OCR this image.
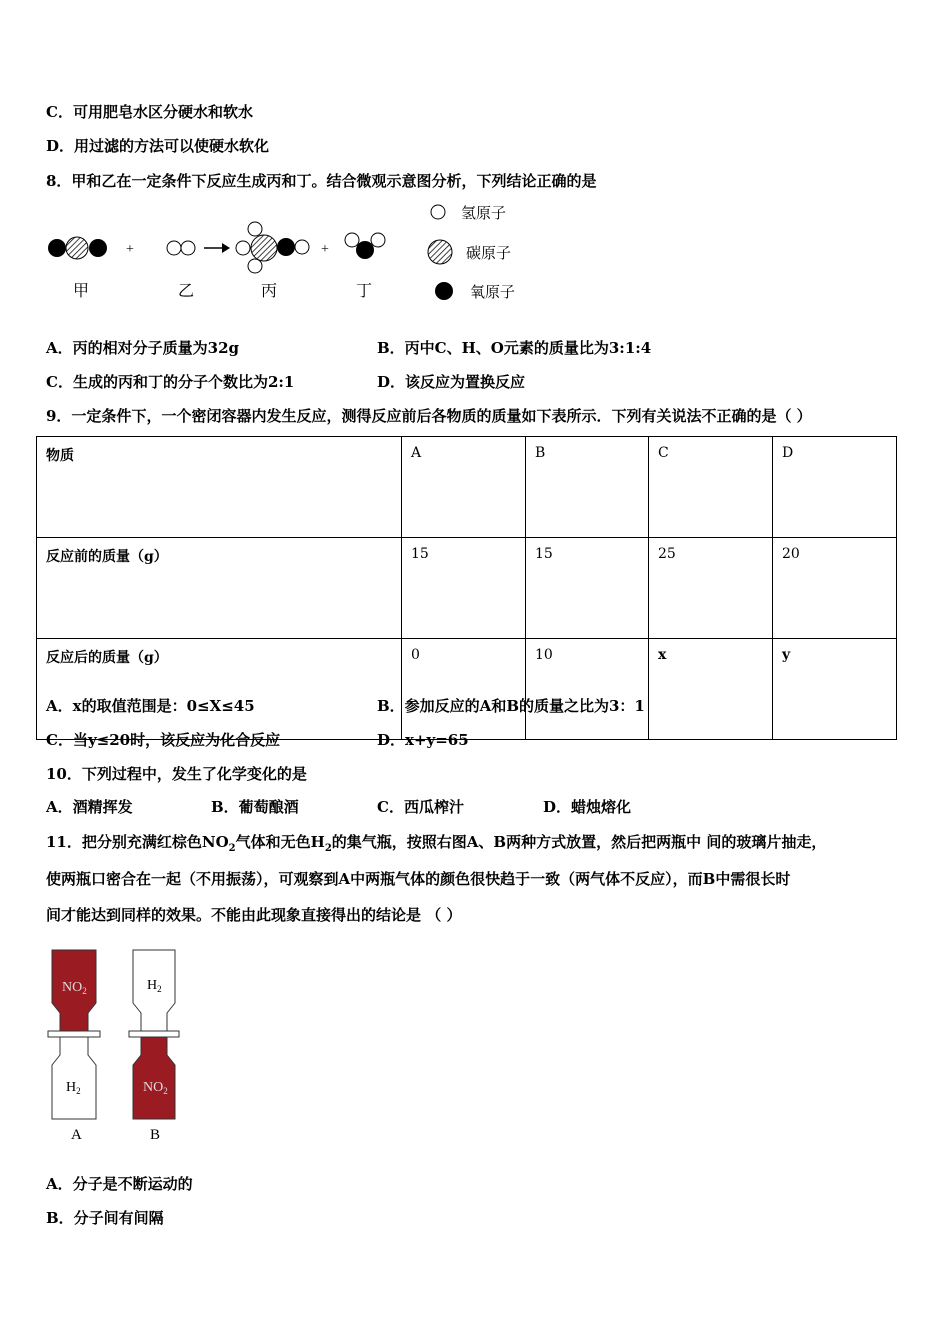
C．可用肥皂水区分硬水和软水
D．用过滤的方法可以使硬水软化
8．甲和乙在一定条件下反应生成丙和丁。结合微观示意图分析，下列结论正确的是
+	+
甲	乙	丙	丁
氢原子
碳原子
氧原子
A．丙的相对分子质量为32g	B．丙中C、H、O元素的质量比为3:1:4
C．生成的丙和丁的分子个数比为2:1	D．该反应为置换反应
9．一定条件下，一个密闭容器内发生反应，测得反应前后各物质的质量如下表所示．下列有关说法不正确的是（ ）
物质	A	B	C	D
反应前的质量（g）	15	15	25	20
反应后的质量（g）	0	10	x	y
A．x的取值范围是：0≤X≤45	B．参加反应的A和B的质量之比为3：1
C．当y≤20时，该反应为化合反应	D．x+y=65
10．下列过程中，发生了化学变化的是
A．酒精挥发	B．葡萄酿酒	C．西瓜榨汁	D．蜡烛熔化
11．把分别充满红棕色$NO_2$气体和无色$H_2$的集气瓶，按照右图A、B两种方式放置，然后把两瓶中 间的玻璃片抽走，
使两瓶口密合在一起（不用振荡），可观察到A中两瓶气体的颜色很快趋于一致（两气体不反应），而B中需很长时
间才能达到同样的效果。不能由此现象直接得出的结论是 （ ）
$NO_2$
$H_2$
$H_2$
$NO_2$
A	B
A．分子是不断运动的
B．分子间有间隔
